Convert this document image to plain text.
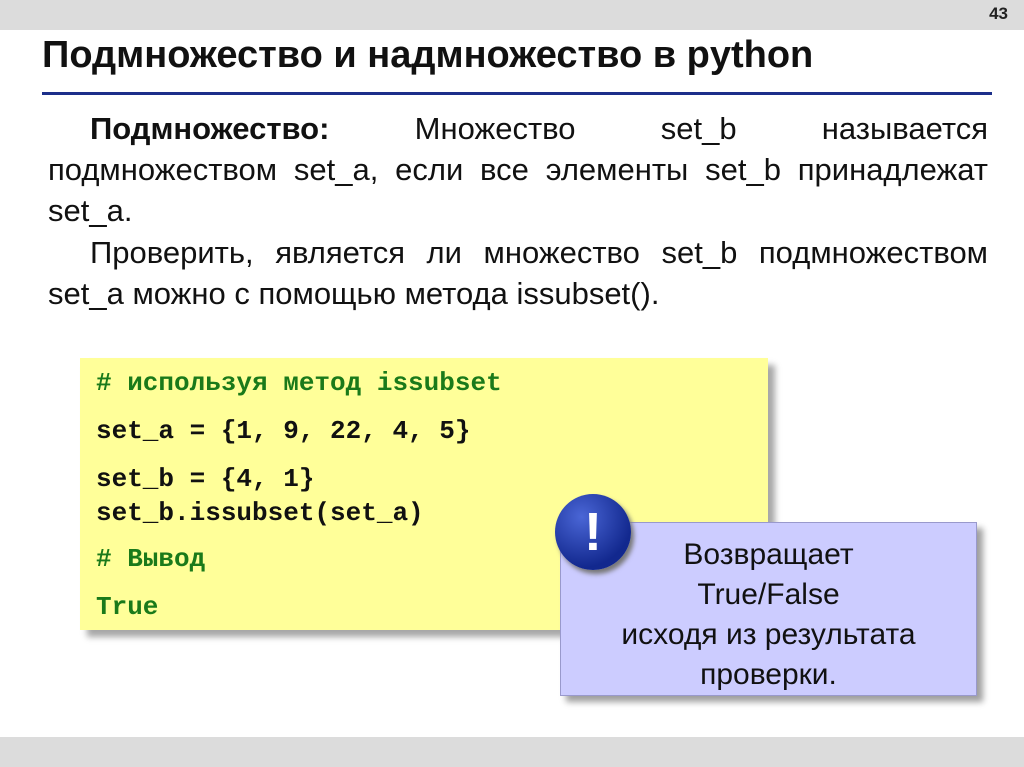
43
Подмножество и надмножество в python

Подмножество: Множество set_b называется подмножеством set_a, если все элементы set_b принадлежат set_a.

Проверить, является ли множество set_b подмножеством set_a можно с помощью метода issubset().

# используя метод issubset
set_a = {1, 9, 22, 4, 5}
set_b = {4, 1}
set_b.issubset(set_a)
# Вывод
True
Возвращает
True/False
исходя из результата
проверки.
!
